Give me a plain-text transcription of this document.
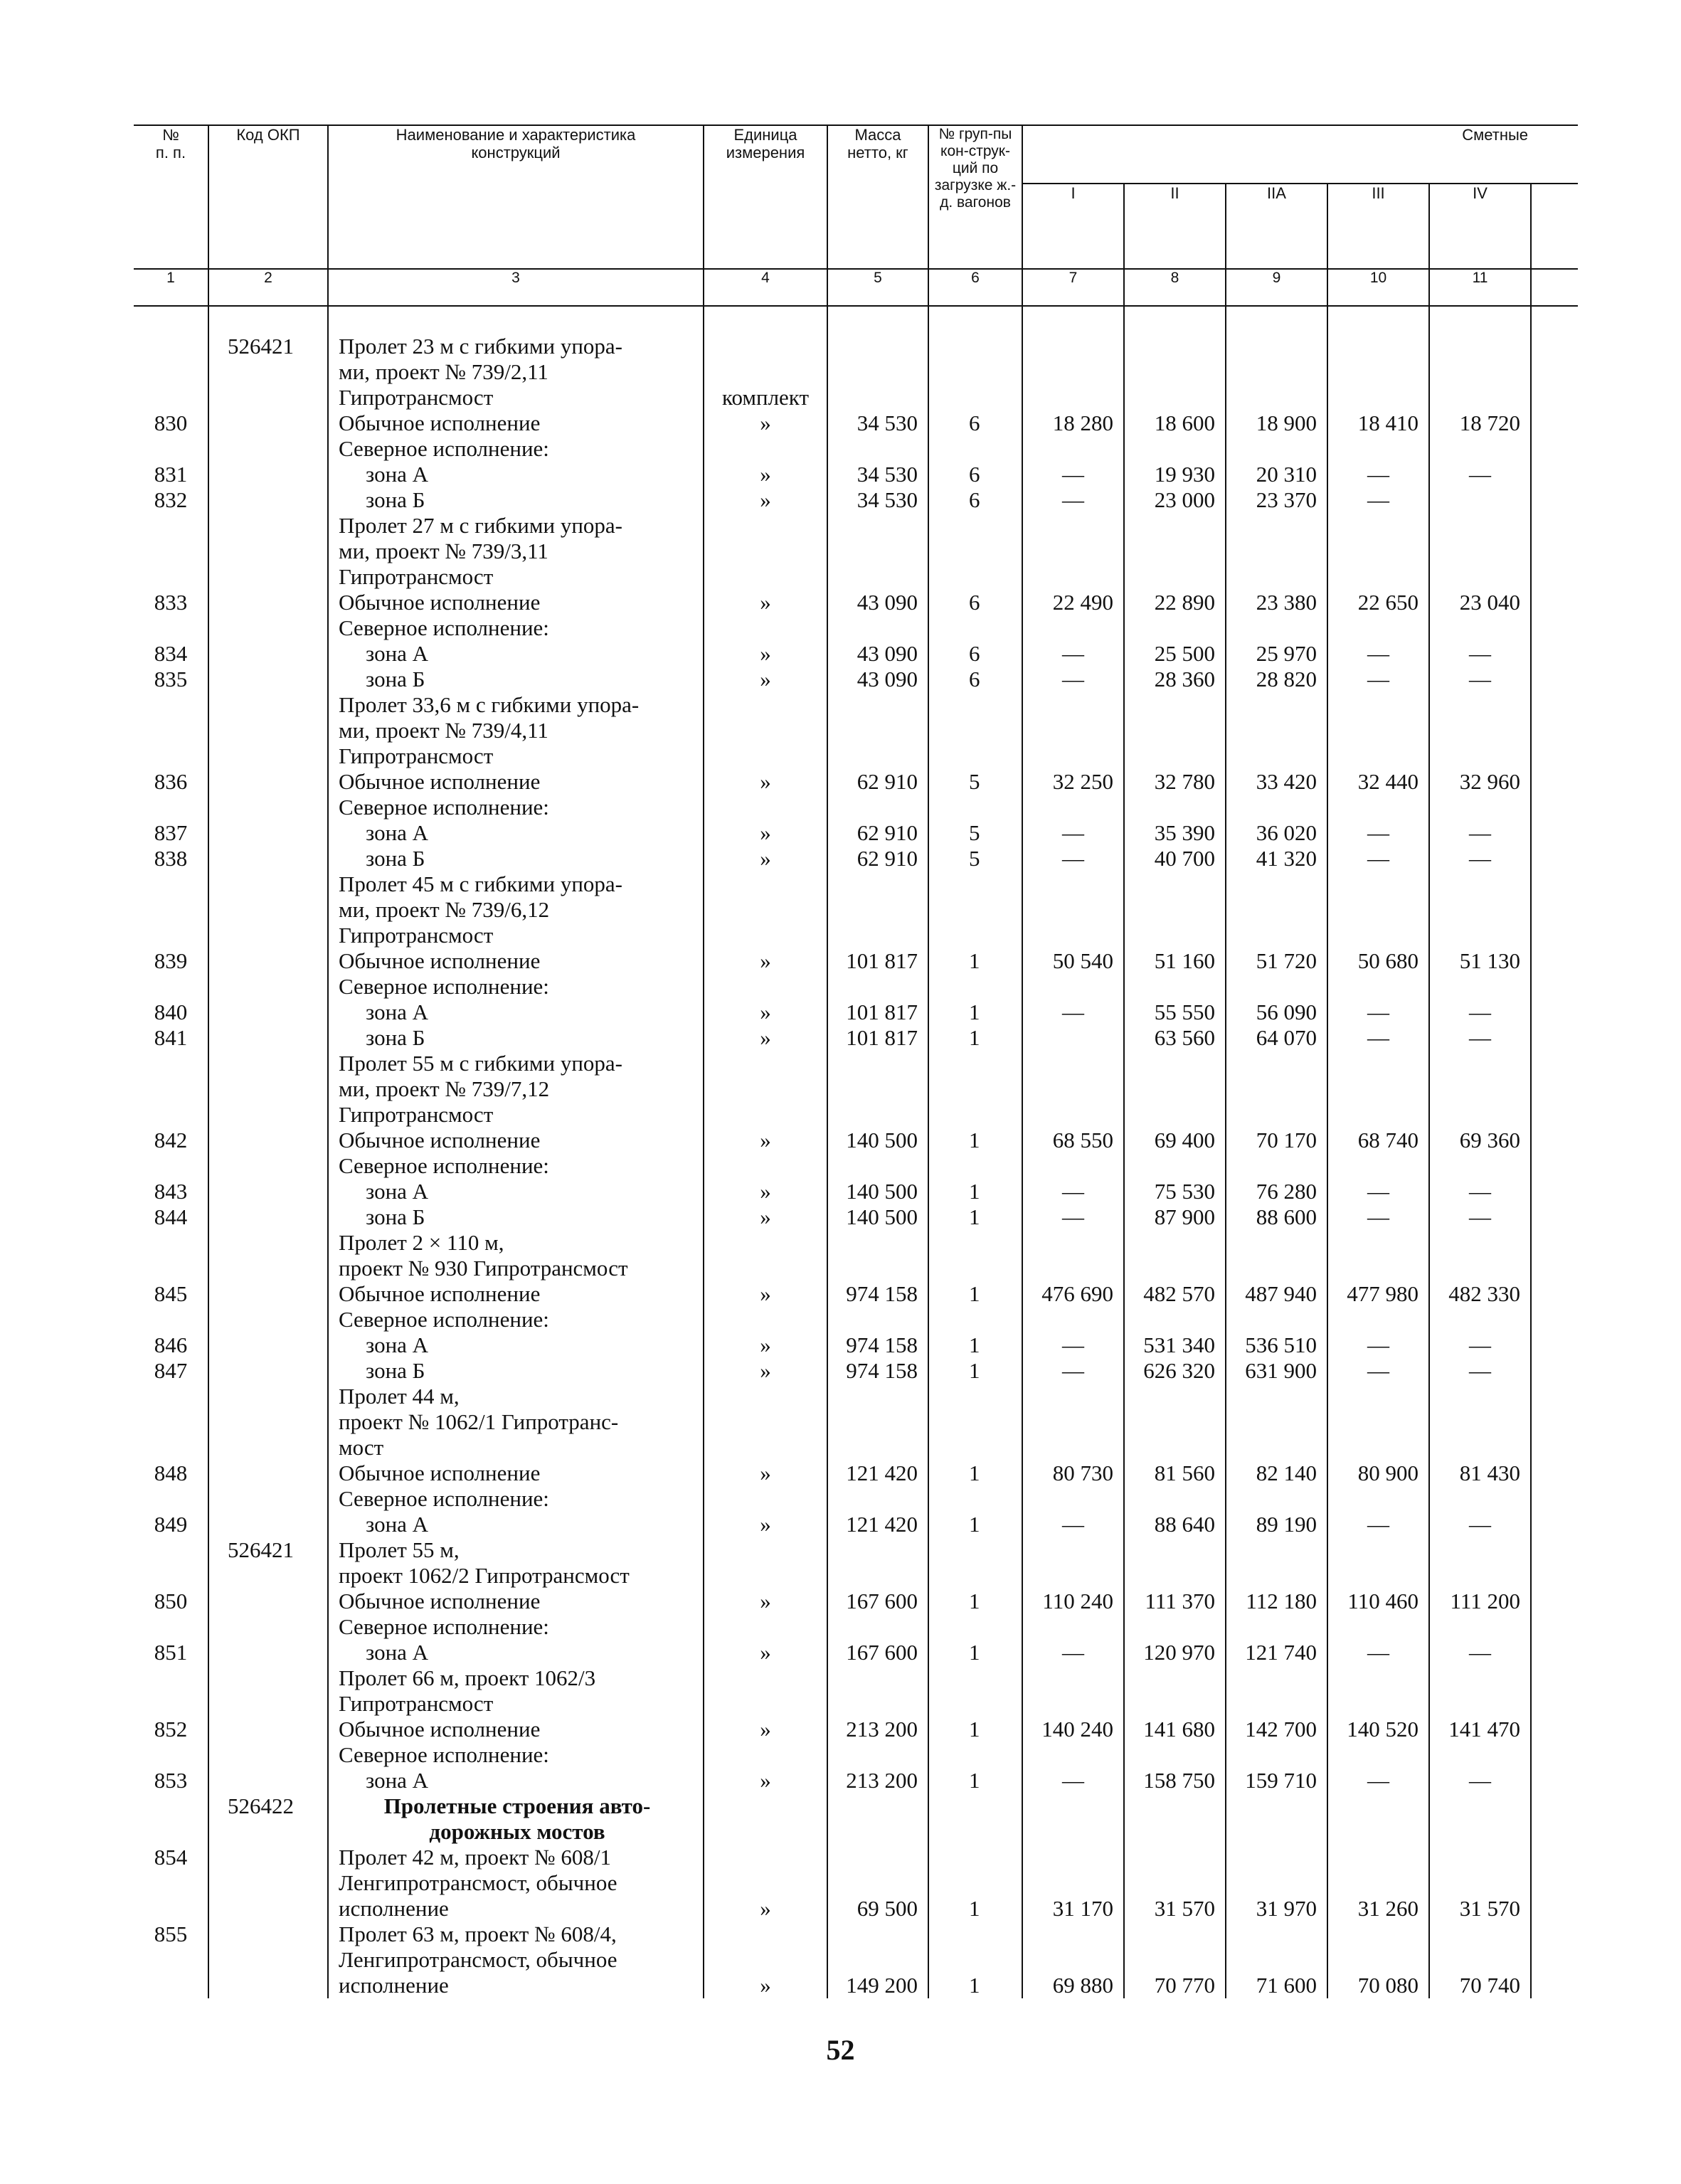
№
п. п.	Код ОКП	Наименование и характеристика конструкций	Единица измерения	Масса нетто, кг	№ груп-пы кон-струк-ций по загрузке ж.-д. вагонов	Сметные					
						I	II	IIA	III	IV	
1	2	3	4	5	6	7	8	9	10	11	

	526421	Пролет 23 м с гибкими упора-
ми, проект № 739/2,11
Гипротрансмост	комплект								
830		Обычное исполнение	»	34 530	6	18 280	18 600	18 900	18 410	18 720	

		Северное исполнение:									

831		зона А	»	34 530	6	—	19 930	20 310	—	—	
832		зона Б	»	34 530	6	—	23 000	23 370	—		

		Пролет 27 м с гибкими упора-
ми, проект № 739/3,11
Гипротрансмост									

833		Обычное исполнение	»	43 090	6	22 490	22 890	23 380	22 650	23 040	

		Северное исполнение:									

834		зона А	»	43 090	6	—	25 500	25 970	—	—	
835		зона Б	»	43 090	6	—	28 360	28 820	—	—	

		Пролет 33,6 м с гибкими упора-
ми, проект № 739/4,11
Гипротрансмост									

836		Обычное исполнение	»	62 910	5	32 250	32 780	33 420	32 440	32 960	

		Северное исполнение:									

837		зона А	»	62 910	5	—	35 390	36 020	—	—	
838		зона Б	»	62 910	5	—	40 700	41 320	—	—	

		Пролет 45 м с гибкими упора-
ми, проект № 739/6,12
Гипротрансмост									

839		Обычное исполнение	»	101 817	1	50 540	51 160	51 720	50 680	51 130	

		Северное исполнение:									

840		зона А	»	101 817	1	—	55 550	56 090	—	—	
841		зона Б	»	101 817	1		63 560	64 070	—	—	

		Пролет 55 м с гибкими упора-
ми, проект № 739/7,12
Гипротрансмост									

842		Обычное исполнение	»	140 500	1	68 550	69 400	70 170	68 740	69 360	

		Северное исполнение:									

843		зона А	»	140 500	1	—	75 530	76 280	—	—	
844		зона Б	»	140 500	1	—	87 900	88 600	—	—	

		Пролет 2 × 110 м,
проект № 930 Гипротрансмост									

845		Обычное исполнение	»	974 158	1	476 690	482 570	487 940	477 980	482 330	

		Северное исполнение:									

846		зона А	»	974 158	1	—	531 340	536 510	—	—	
847		зона Б	»	974 158	1	—	626 320	631 900	—	—	

		Пролет 44 м,
проект № 1062/1 Гипротранс-
мост									

848		Обычное исполнение	»	121 420	1	80 730	81 560	82 140	80 900	81 430	

		Северное исполнение:									

849		зона А	»	121 420	1	—	88 640	89 190	—	—	
	526421	Пролет 55 м,
проект 1062/2 Гипротрансмост									

850		Обычное исполнение	»	167 600	1	110 240	111 370	112 180	110 460	111 200	

		Северное исполнение:									

851		зона А	»	167 600	1	—	120 970	121 740	—	—	

		Пролет 66 м, проект 1062/3
Гипротрансмост									

852		Обычное исполнение	»	213 200	1	140 240	141 680	142 700	140 520	141 470	

		Северное исполнение:									

853		зона А	»	213 200	1	—	158 750	159 710	—	—	
	526422	Пролетные строения авто-
дорожных мостов									

854		Пролет 42 м, проект № 608/1
Ленгипротрансмост, обычное
исполнение	»	69 500	1	31 170	31 570	31 970	31 260	31 570	
855		Пролет 63 м, проект № 608/4,
Ленгипротрансмост, обычное
исполнение	»	149 200	1	69 880	70 770	71 600	70 080	70 740	
52
